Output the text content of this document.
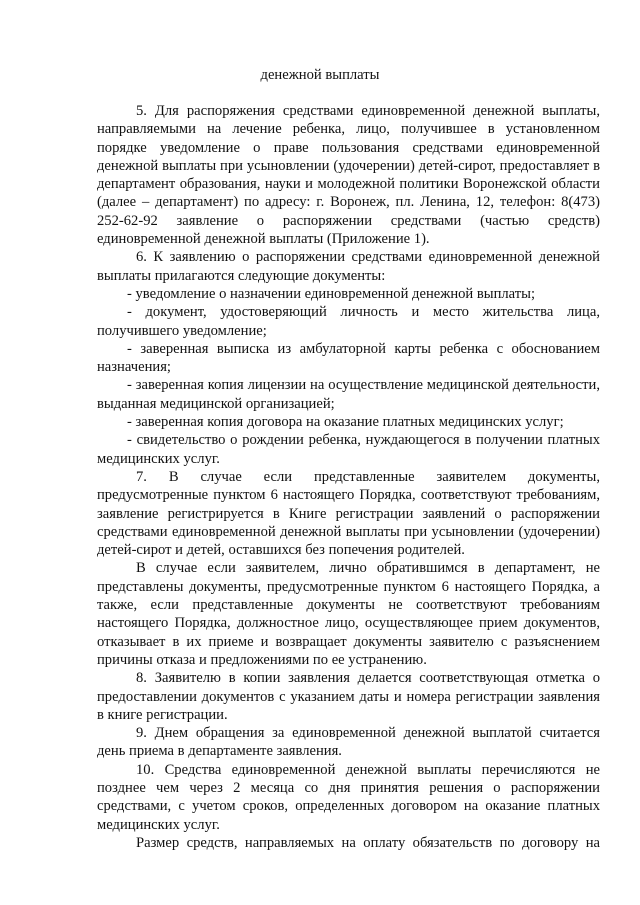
денежной выплаты

5. Для распоряжения средствами единовременной денежной выплаты, направляемыми на лечение ребенка, лицо, получившее в установленном порядке уведомление о праве пользования средствами единовременной денежной выплаты при усыновлении (удочерении) детей-сирот, предоставляет в департамент образования, науки и молодежной политики Воронежской области (далее – департамент) по адресу: г. Воронеж, пл. Ленина, 12, телефон: 8(473) 252-62-92 заявление о распоряжении средствами (частью средств) единовременной денежной выплаты (Приложение 1).

6. К заявлению о распоряжении средствами единовременной денежной выплаты прилагаются следующие документы:

- уведомление о назначении единовременной денежной выплаты;

- документ, удостоверяющий личность и место жительства лица, получившего уведомление;

- заверенная выписка из амбулаторной карты ребенка с обоснованием назначения;

- заверенная копия лицензии на осуществление медицинской деятельности, выданная медицинской организацией;

- заверенная копия договора на оказание платных медицинских услуг;

- свидетельство о рождении ребенка, нуждающегося в получении платных медицинских услуг.

7. В случае если представленные заявителем документы, предусмотренные пунктом 6 настоящего Порядка, соответствуют требованиям, заявление регистрируется в Книге регистрации заявлений о распоряжении средствами единовременной денежной выплаты при усыновлении (удочерении) детей-сирот и детей, оставшихся без попечения родителей.

В случае если заявителем, лично обратившимся в департамент, не представлены документы, предусмотренные пунктом 6 настоящего Порядка, а также, если представленные документы не соответствуют требованиям настоящего Порядка, должностное лицо, осуществляющее прием документов, отказывает в их приеме и возвращает документы заявителю с разъяснением причины отказа и предложениями по ее устранению.

8. Заявителю в копии заявления делается соответствующая отметка о предоставлении документов с указанием даты и номера регистрации заявления в книге регистрации.

9. Днем обращения за единовременной денежной выплатой считается день приема в департаменте заявления.

10. Средства единовременной денежной выплаты перечисляются не позднее чем через 2 месяца со дня принятия решения о распоряжении средствами, с учетом сроков, определенных договором на оказание платных медицинских услуг.

Размер средств, направляемых на оплату обязательств по договору на
